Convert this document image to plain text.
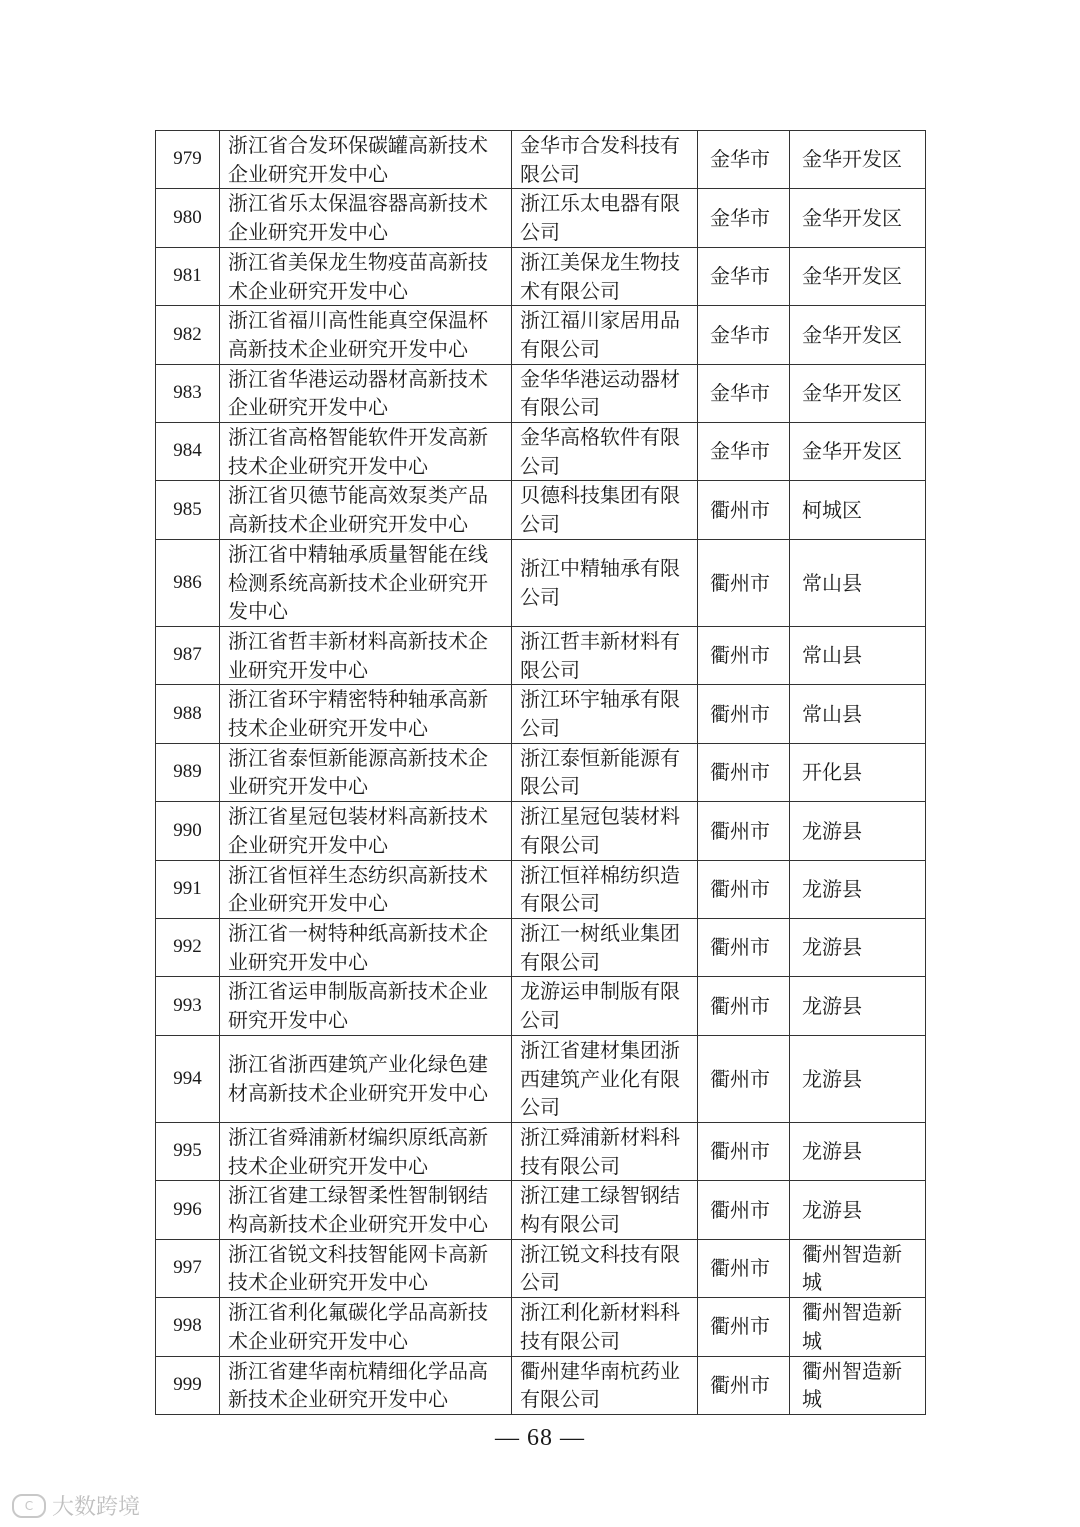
979	浙江省合发环保碳罐高新技术企业研究开发中心	金华市合发科技有限公司	金华市	金华开发区
980	浙江省乐太保温容器高新技术企业研究开发中心	浙江乐太电器有限公司	金华市	金华开发区
981	浙江省美保龙生物疫苗高新技术企业研究开发中心	浙江美保龙生物技术有限公司	金华市	金华开发区
982	浙江省福川高性能真空保温杯高新技术企业研究开发中心	浙江福川家居用品有限公司	金华市	金华开发区
983	浙江省华港运动器材高新技术企业研究开发中心	金华华港运动器材有限公司	金华市	金华开发区
984	浙江省高格智能软件开发高新技术企业研究开发中心	金华高格软件有限公司	金华市	金华开发区
985	浙江省贝德节能高效泵类产品高新技术企业研究开发中心	贝德科技集团有限公司	衢州市	柯城区
986	浙江省中精轴承质量智能在线检测系统高新技术企业研究开发中心	浙江中精轴承有限公司	衢州市	常山县
987	浙江省哲丰新材料高新技术企业研究开发中心	浙江哲丰新材料有限公司	衢州市	常山县
988	浙江省环宇精密特种轴承高新技术企业研究开发中心	浙江环宇轴承有限公司	衢州市	常山县
989	浙江省泰恒新能源高新技术企业研究开发中心	浙江泰恒新能源有限公司	衢州市	开化县
990	浙江省星冠包装材料高新技术企业研究开发中心	浙江星冠包装材料有限公司	衢州市	龙游县
991	浙江省恒祥生态纺织高新技术企业研究开发中心	浙江恒祥棉纺织造有限公司	衢州市	龙游县
992	浙江省一树特种纸高新技术企业研究开发中心	浙江一树纸业集团有限公司	衢州市	龙游县
993	浙江省运申制版高新技术企业研究开发中心	龙游运申制版有限公司	衢州市	龙游县
994	浙江省浙西建筑产业化绿色建材高新技术企业研究开发中心	浙江省建材集团浙西建筑产业化有限公司	衢州市	龙游县
995	浙江省舜浦新材编织原纸高新技术企业研究开发中心	浙江舜浦新材料科技有限公司	衢州市	龙游县
996	浙江省建工绿智柔性智制钢结构高新技术企业研究开发中心	浙江建工绿智钢结构有限公司	衢州市	龙游县
997	浙江省锐文科技智能网卡高新技术企业研究开发中心	浙江锐文科技有限公司	衢州市	衢州智造新城
998	浙江省利化氟碳化学品高新技术企业研究开发中心	浙江利化新材料科技有限公司	衢州市	衢州智造新城
999	浙江省建华南杭精细化学品高新技术企业研究开发中心	衢州建华南杭药业有限公司	衢州市	衢州智造新城
— 68 —
C 大数跨境
